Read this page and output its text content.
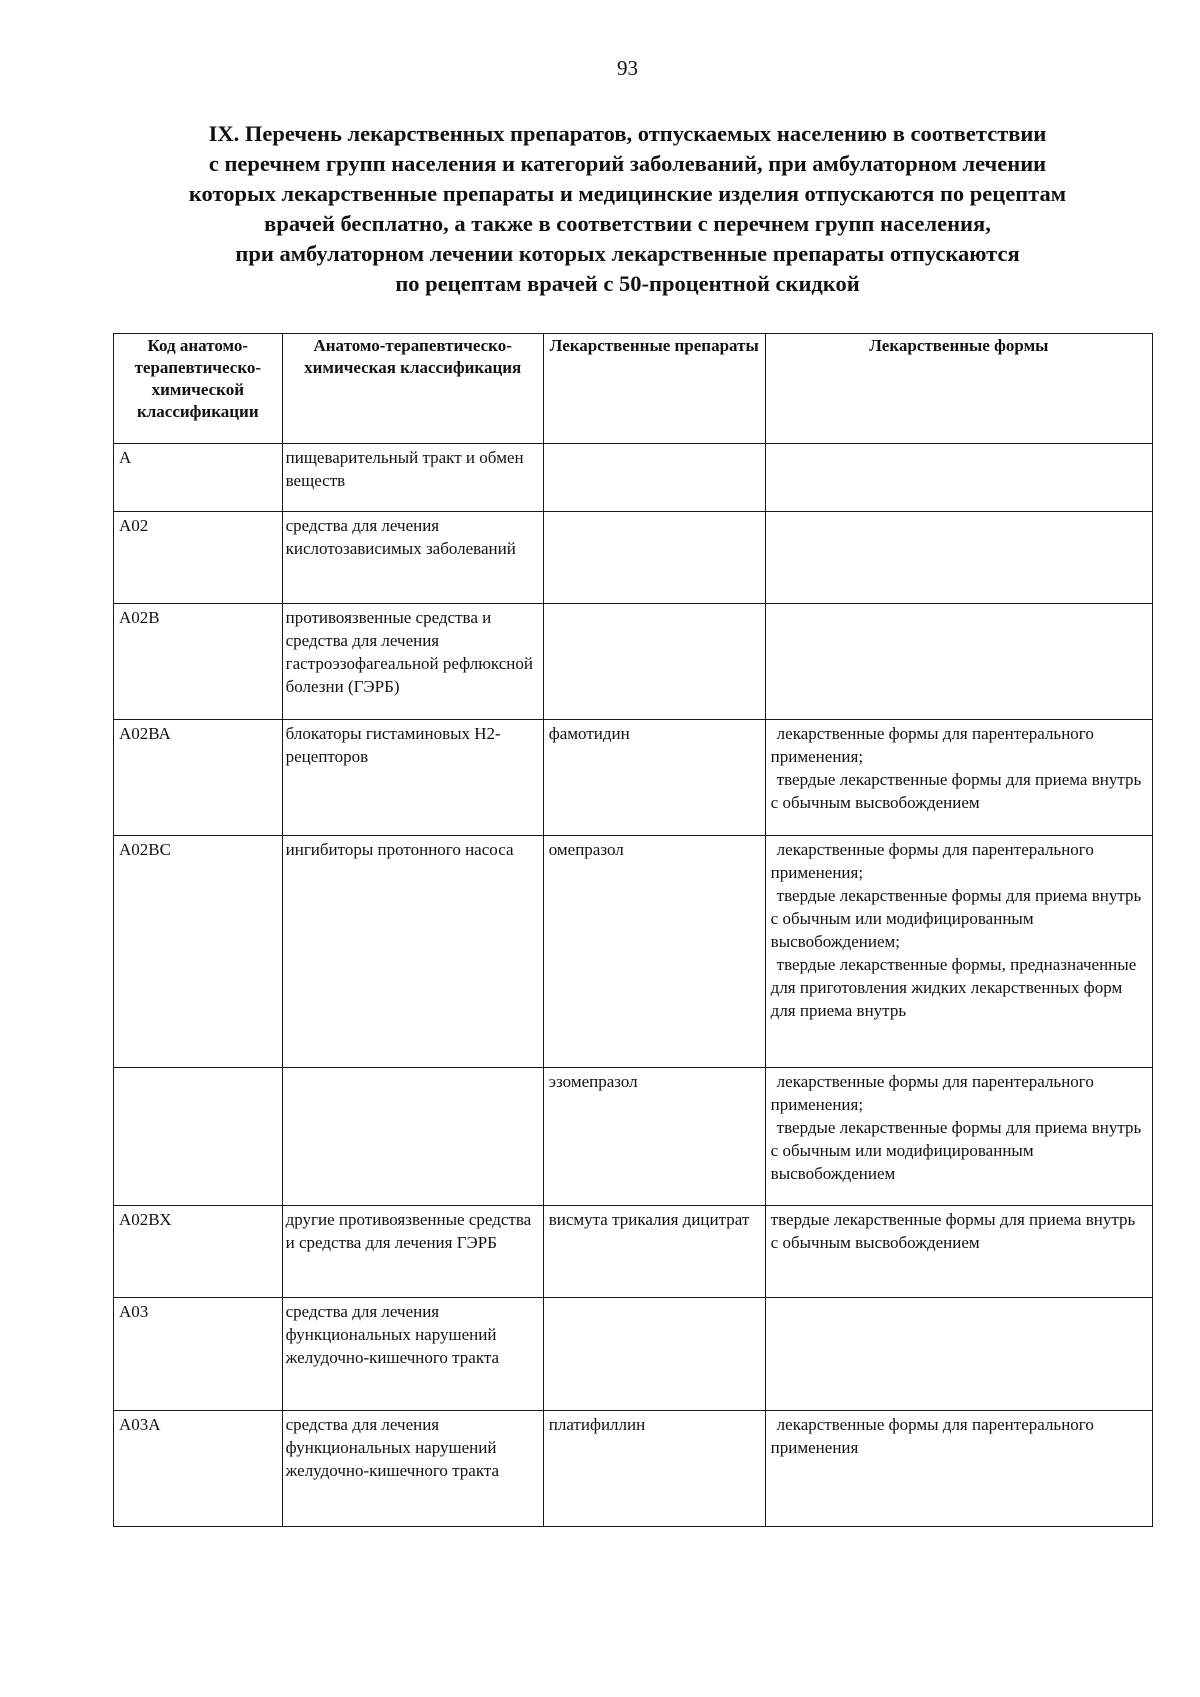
93
IX. Перечень лекарственных препаратов, отпускаемых населению в соответствии
с перечнем групп населения и категорий заболеваний, при амбулаторном лечении
которых лекарственные препараты и медицинские изделия отпускаются по рецептам
врачей бесплатно, а также в соответствии с перечнем групп населения,
при амбулаторном лечении которых лекарственные препараты отпускаются
по рецептам врачей с 50-процентной скидкой
Код анатомо-терапевтическо-химической классификации	Анатомо-терапевтическо-химическая классификация	Лекарственные препараты	Лекарственные формы
А	пищеварительный тракт и обмен веществ		
А02	средства для лечения кислотозависимых заболеваний		
А02В	противоязвенные средства и средства для лечения гастроэзофагеальной рефлюксной болезни (ГЭРБ)		
А02ВА	блокаторы гистаминовых Н2-рецепторов	фамотидин	лекарственные формы для парентерального применения;
твердые лекарственные формы для приема внутрь с обычным высвобождением

А02ВС	ингибиторы протонного насоса	омепразол	лекарственные формы для парентерального применения;
твердые лекарственные формы для приема внутрь с обычным или модифицированным высвобождением;
твердые лекарственные формы, предназначенные для приготовления жидких лекарственных форм для приема внутрь

		эзомепразол	лекарственные формы для парентерального применения;
твердые лекарственные формы для приема внутрь с обычным или модифицированным высвобождением

А02ВХ	другие противоязвенные средства и средства для лечения ГЭРБ	висмута трикалия дицитрат	твердые лекарственные формы для приема внутрь с обычным высвобождением

А03	средства для лечения функциональных нарушений желудочно-кишечного тракта		
А03А	средства для лечения функциональных нарушений желудочно-кишечного тракта	платифиллин	лекарственные формы для парентерального применения
